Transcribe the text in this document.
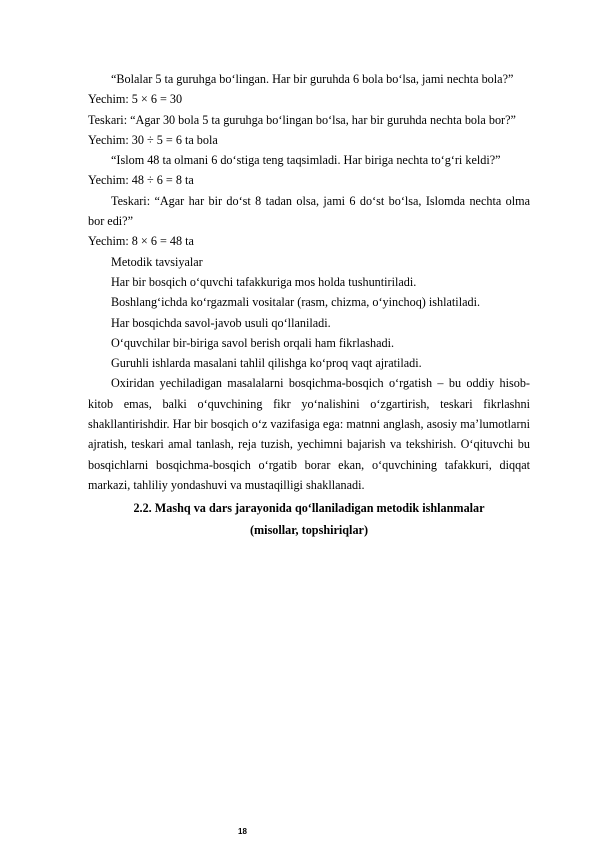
“Bolalar 5 ta guruhga bo‘lingan. Har bir guruhda 6 bola bo‘lsa, jami nechta bola?”

Yechim: 5 × 6 = 30

Teskari: “Agar 30 bola 5 ta guruhga bo‘lingan bo‘lsa, har bir guruhda nechta bola bor?”

Yechim: 30 ÷ 5 = 6 ta bola

“Islom 48 ta olmani 6 do‘stiga teng taqsimladi. Har biriga nechta to‘g‘ri keldi?”

Yechim: 48 ÷ 6 = 8 ta

Teskari: “Agar har bir do‘st 8 tadan olsa, jami 6 do‘st bo‘lsa, Islomda nechta olma bor edi?”

Yechim: 8 × 6 = 48 ta

Metodik tavsiyalar

Har bir bosqich o‘quvchi tafakkuriga mos holda tushuntiriladi.

Boshlang‘ichda ko‘rgazmali vositalar (rasm, chizma, o‘yinchoq) ishlatiladi.

Har bosqichda savol-javob usuli qo‘llaniladi.

O‘quvchilar bir-biriga savol berish orqali ham fikrlashadi.

Guruhli ishlarda masalani tahlil qilishga ko‘proq vaqt ajratiladi.

Oxiridan yechiladigan masalalarni bosqichma-bosqich o‘rgatish – bu oddiy hisob-kitob emas, balki o‘quvchining fikr yo‘nalishini o‘zgartirish, teskari fikrlashni shakllantirishdir. Har bir bosqich o‘z vazifasiga ega: matnni anglash, asosiy ma’lumotlarni ajratish, teskari amal tanlash, reja tuzish, yechimni bajarish va tekshirish. O‘qituvchi bu bosqichlarni bosqichma-bosqich o‘rgatib borar ekan, o‘quvchining tafakkuri, diqqat markazi, tahliliy yondashuvi va mustaqilligi shakllanadi.

2.2. Mashq va dars jarayonida qo‘llaniladigan metodik ishlanmalar
(misollar, topshiriqlar)
18
